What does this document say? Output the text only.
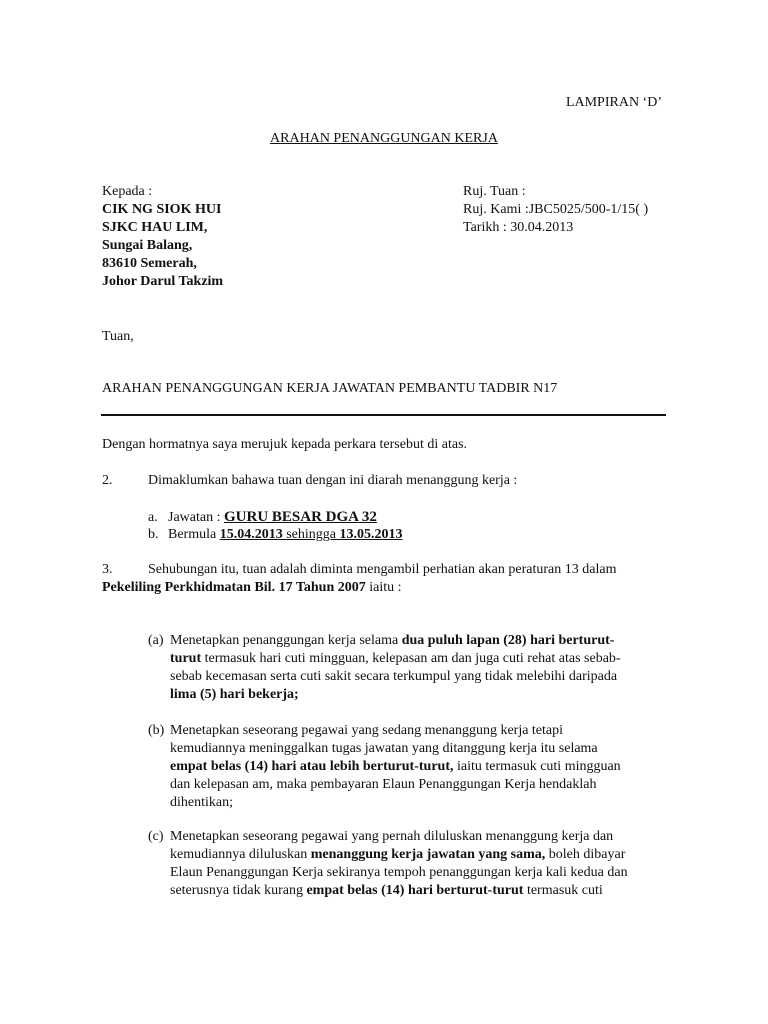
LAMPIRAN ‘D’
ARAHAN PENANGGUNGAN KERJA
Kepada :
CIK NG SIOK HUI
SJKC HAU LIM,
Sungai Balang,
83610 Semerah,
Johor Darul Takzim
Ruj. Tuan :
Ruj. Kami :JBC5025/500-1/15( )
Tarikh : 30.04.2013
Tuan,
ARAHAN PENANGGUNGAN KERJA JAWATAN PEMBANTU TADBIR N17
Dengan hormatnya saya merujuk kepada perkara tersebut di atas.
2.	Dimaklumkan bahawa tuan dengan ini diarah menanggung kerja :
a. Jawatan : GURU BESAR DGA 32
b. Bermula 15.04.2013 sehingga 13.05.2013
3.	Sehubungan itu, tuan adalah diminta mengambil perhatian akan peraturan 13 dalam
Pekeliling Perkhidmatan Bil. 17 Tahun 2007 iaitu :
(a) Menetapkan penanggungan kerja selama dua puluh lapan (28) hari berturut-
turut termasuk hari cuti mingguan, kelepasan am dan juga cuti rehat atas sebab-
sebab kecemasan serta cuti sakit secara terkumpul yang tidak melebihi daripada
lima (5) hari bekerja;
(b) Menetapkan seseorang pegawai yang sedang menanggung kerja tetapi
kemudiannya meninggalkan tugas jawatan yang ditanggung kerja itu selama
empat belas (14) hari atau lebih berturut-turut, iaitu termasuk cuti mingguan
dan kelepasan am, maka pembayaran Elaun Penanggungan Kerja hendaklah
dihentikan;
(c) Menetapkan seseorang pegawai yang pernah diluluskan menanggung kerja dan
kemudiannya diluluskan menanggung kerja jawatan yang sama, boleh dibayar
Elaun Penanggungan Kerja sekiranya tempoh penanggungan kerja kali kedua dan
seterusnya tidak kurang empat belas (14) hari berturut-turut termasuk cuti
